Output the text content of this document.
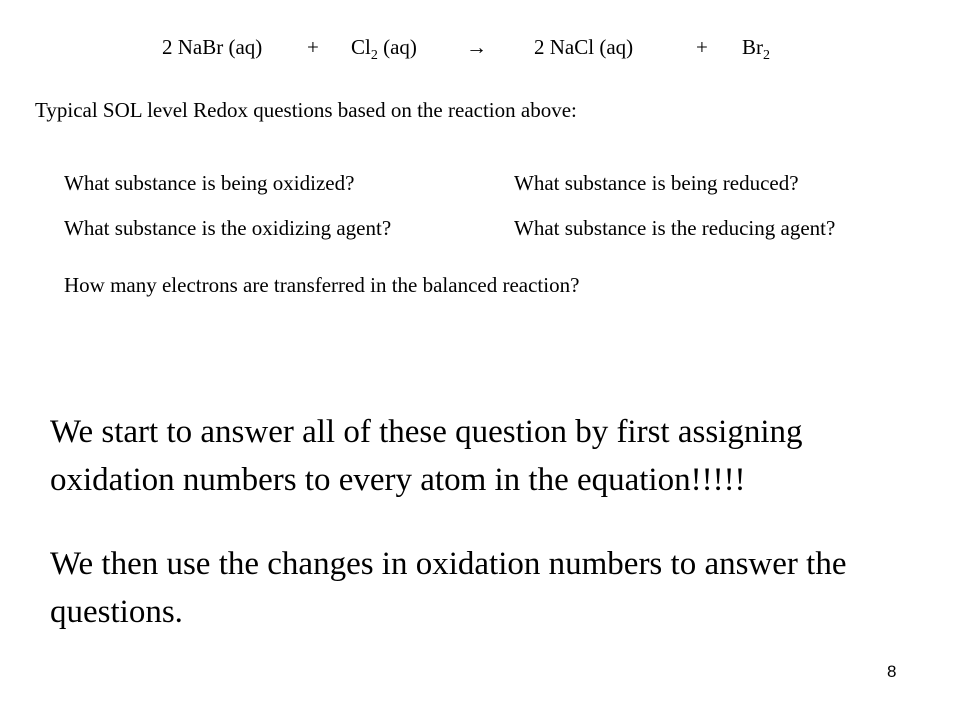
2 NaBr $(aq) + Cl_2$ (aq) → 2 NaCl (aq)	+ $Br_2$
Typical SOL level Redox questions based on the reaction above:
What substance is being oxidized?	What substance is being reduced?
What substance is the oxidizing agent?	What substance is the reducing agent?
How many electrons are transferred in the balanced reaction?
We start to answer all of these question by first assigning oxidation numbers to every atom in the equation!!!!!
We then use the changes in oxidation numbers to answer the questions.
8
